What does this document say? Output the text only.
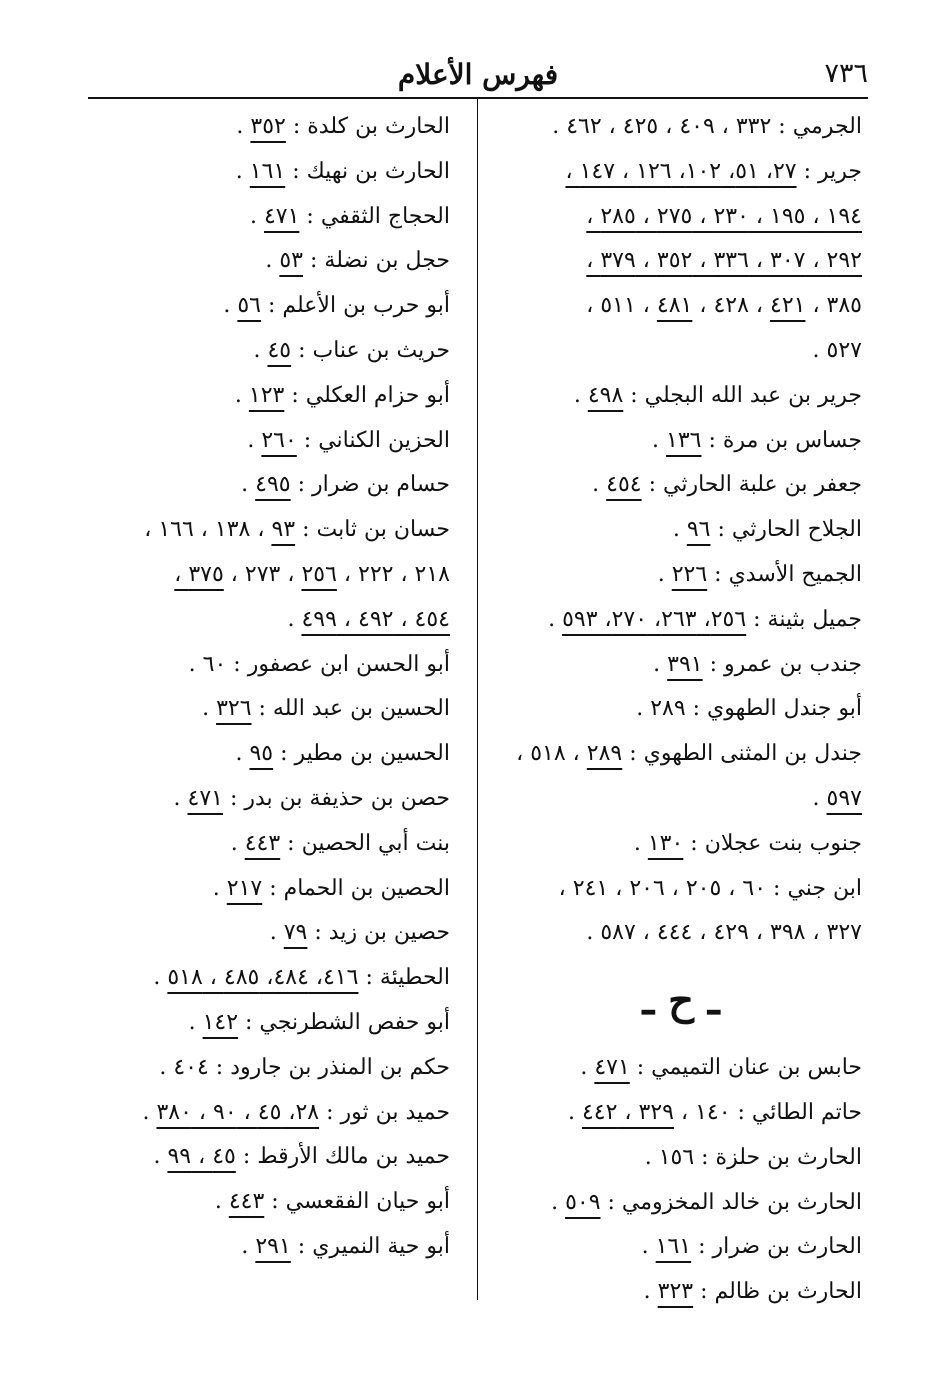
٧٣٦
فهرس الأعلام
الجرمي : ٣٣٢ ، ٤٠٩ ، ٤٢٥ ، ٤٦٢ .
جرير : ٢٧، ٥١، ١٠٢، ١٢٦ ، ١٤٧ ،
١٩٤ ، ١٩٥ ، ٢٣٠ ، ٢٧٥ ، ٢٨٥ ،
٢٩٢ ، ٣٠٧ ، ٣٣٦ ، ٣٥٢ ، ٣٧٩ ،
٣٨٥ ، ٤٢١ ، ٤٢٨ ، ٤٨١ ، ٥١١ ،
٥٢٧ .
جرير بن عبد الله البجلي : ٤٩٨ .
جساس بن مرة : ١٣٦ .
جعفر بن علبة الحارثي : ٤٥٤ .
الجلاح الحارثي : ٩٦ .
الجميح الأسدي : ٢٢٦ .
جميل بثينة : ٢٥٦، ٢٦٣، ٢٧٠، ٥٩٣ .
جندب بن عمرو : ٣٩١ .
أبو جندل الطهوي : ٢٨٩ .
جندل بن المثنى الطهوي : ٢٨٩ ، ٥١٨ ،
٥٩٧ .
جنوب بنت عجلان : ١٣٠ .
ابن جني : ٦٠ ، ٢٠٥ ، ٢٠٦ ، ٢٤١ ،
٣٢٧ ، ٣٩٨ ، ٤٢٩ ، ٤٤٤ ، ٥٨٧ .
ـ ح ـ
حابس بن عنان التميمي : ٤٧١ .
حاتم الطائي : ١٤٠ ، ٣٢٩ ، ٤٤٢ .
الحارث بن حلزة : ١٥٦ .
الحارث بن خالد المخزومي : ٥٠٩ .
الحارث بن ضرار : ١٦١ .
الحارث بن ظالم : ٣٢٣ .
الحارث بن كلدة : ٣٥٢ .
الحارث بن نهيك : ١٦١ .
الحجاج الثقفي : ٤٧١ .
حجل بن نضلة : ٥٣ .
أبو حرب بن الأعلم : ٥٦ .
حريث بن عناب : ٤٥ .
أبو حزام العكلي : ١٢٣ .
الحزين الكناني : ٢٦٠ .
حسام بن ضرار : ٤٩٥ .
حسان بن ثابت : ٩٣ ، ١٣٨ ، ١٦٦ ،
٢١٨ ، ٢٢٢ ، ٢٥٦ ، ٢٧٣ ، ٣٧٥ ،
٤٥٤ ، ٤٩٢ ، ٤٩٩ .
أبو الحسن ابن عصفور : ٦٠ .
الحسين بن عبد الله : ٣٢٦ .
الحسين بن مطير : ٩٥ .
حصن بن حذيفة بن بدر : ٤٧١ .
بنت أبي الحصين : ٤٤٣ .
الحصين بن الحمام : ٢١٧ .
حصين بن زيد : ٧٩ .
الحطيئة : ٤١٦، ٤٨٤، ٤٨٥ ، ٥١٨ .
أبو حفص الشطرنجي : ١٤٢ .
حكم بن المنذر بن جارود : ٤٠٤ .
حميد بن ثور : ٢٨، ٤٥ ، ٩٠ ، ٣٨٠ .
حميد بن مالك الأرقط : ٤٥ ، ٩٩ .
أبو حيان الفقعسي : ٤٤٣ .
أبو حية النميري : ٢٩١ .
